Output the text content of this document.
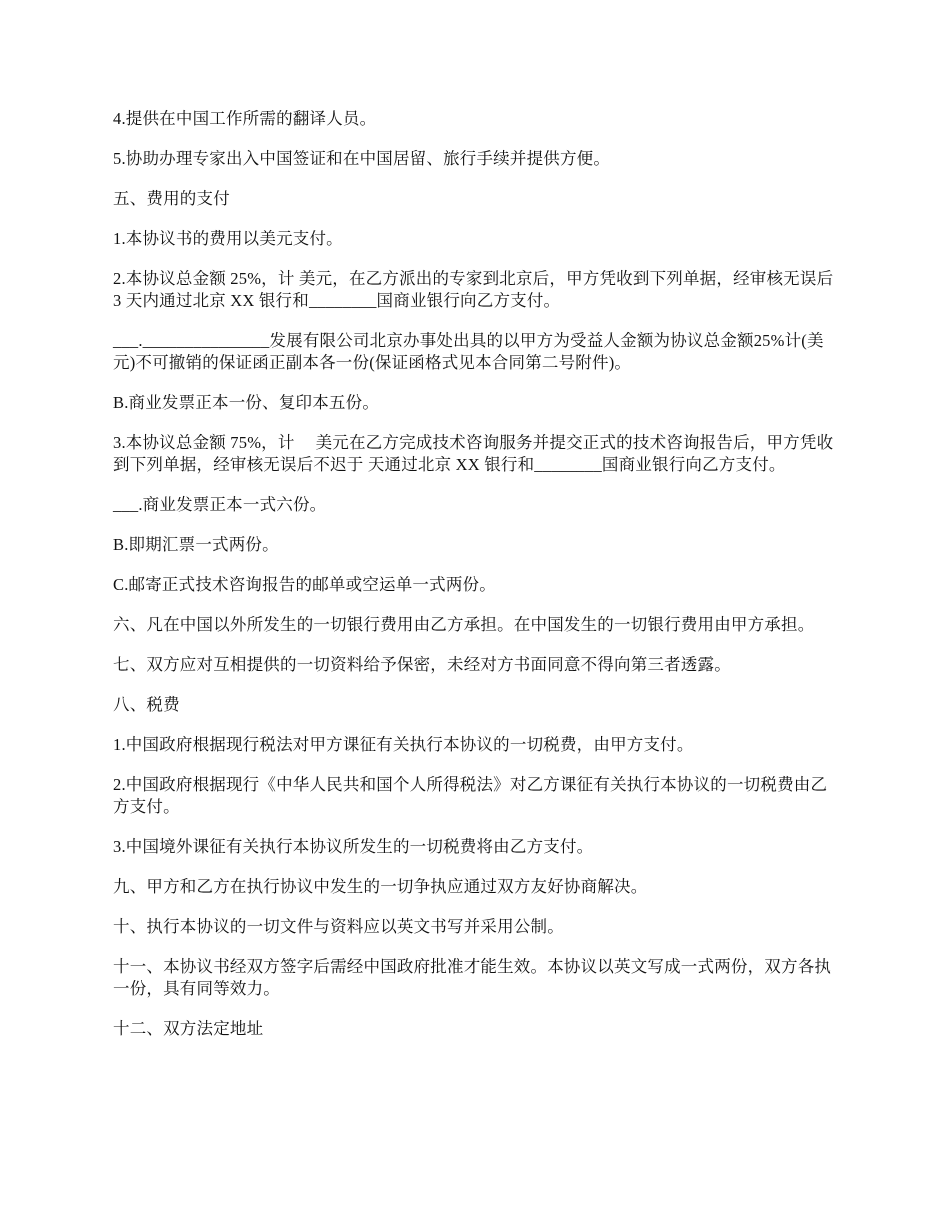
4.提供在中国工作所需的翻译人员。

5.协助办理专家出入中国签证和在中国居留、旅行手续并提供方便。

五、费用的支付

1.本协议书的费用以美元支付。

2.本协议总金额 25%，计 美元，在乙方派出的专家到北京后，甲方凭收到下列单据，经审核无误后 3 天内通过北京 XX 银行和________国商业银行向乙方支付。

___._______________发展有限公司北京办事处出具的以甲方为受益人金额为协议总金额25%计(美元)不可撤销的保证函正副本各一份(保证函格式见本合同第二号附件)。

B.商业发票正本一份、复印本五份。

3.本协议总金额 75%，计　 美元在乙方完成技术咨询服务并提交正式的技术咨询报告后，甲方凭收到下列单据，经审核无误后不迟于 天通过北京 XX 银行和________国商业银行向乙方支付。

___.商业发票正本一式六份。

B.即期汇票一式两份。

C.邮寄正式技术咨询报告的邮单或空运单一式两份。

六、凡在中国以外所发生的一切银行费用由乙方承担。在中国发生的一切银行费用由甲方承担。

七、双方应对互相提供的一切资料给予保密，未经对方书面同意不得向第三者透露。

八、税费

1.中国政府根据现行税法对甲方课征有关执行本协议的一切税费，由甲方支付。

2.中国政府根据现行《中华人民共和国个人所得税法》对乙方课征有关执行本协议的一切税费由乙方支付。

3.中国境外课征有关执行本协议所发生的一切税费将由乙方支付。

九、甲方和乙方在执行协议中发生的一切争执应通过双方友好协商解决。

十、执行本协议的一切文件与资料应以英文书写并采用公制。

十一、本协议书经双方签字后需经中国政府批准才能生效。本协议以英文写成一式两份，双方各执一份，具有同等效力。

十二、双方法定地址
